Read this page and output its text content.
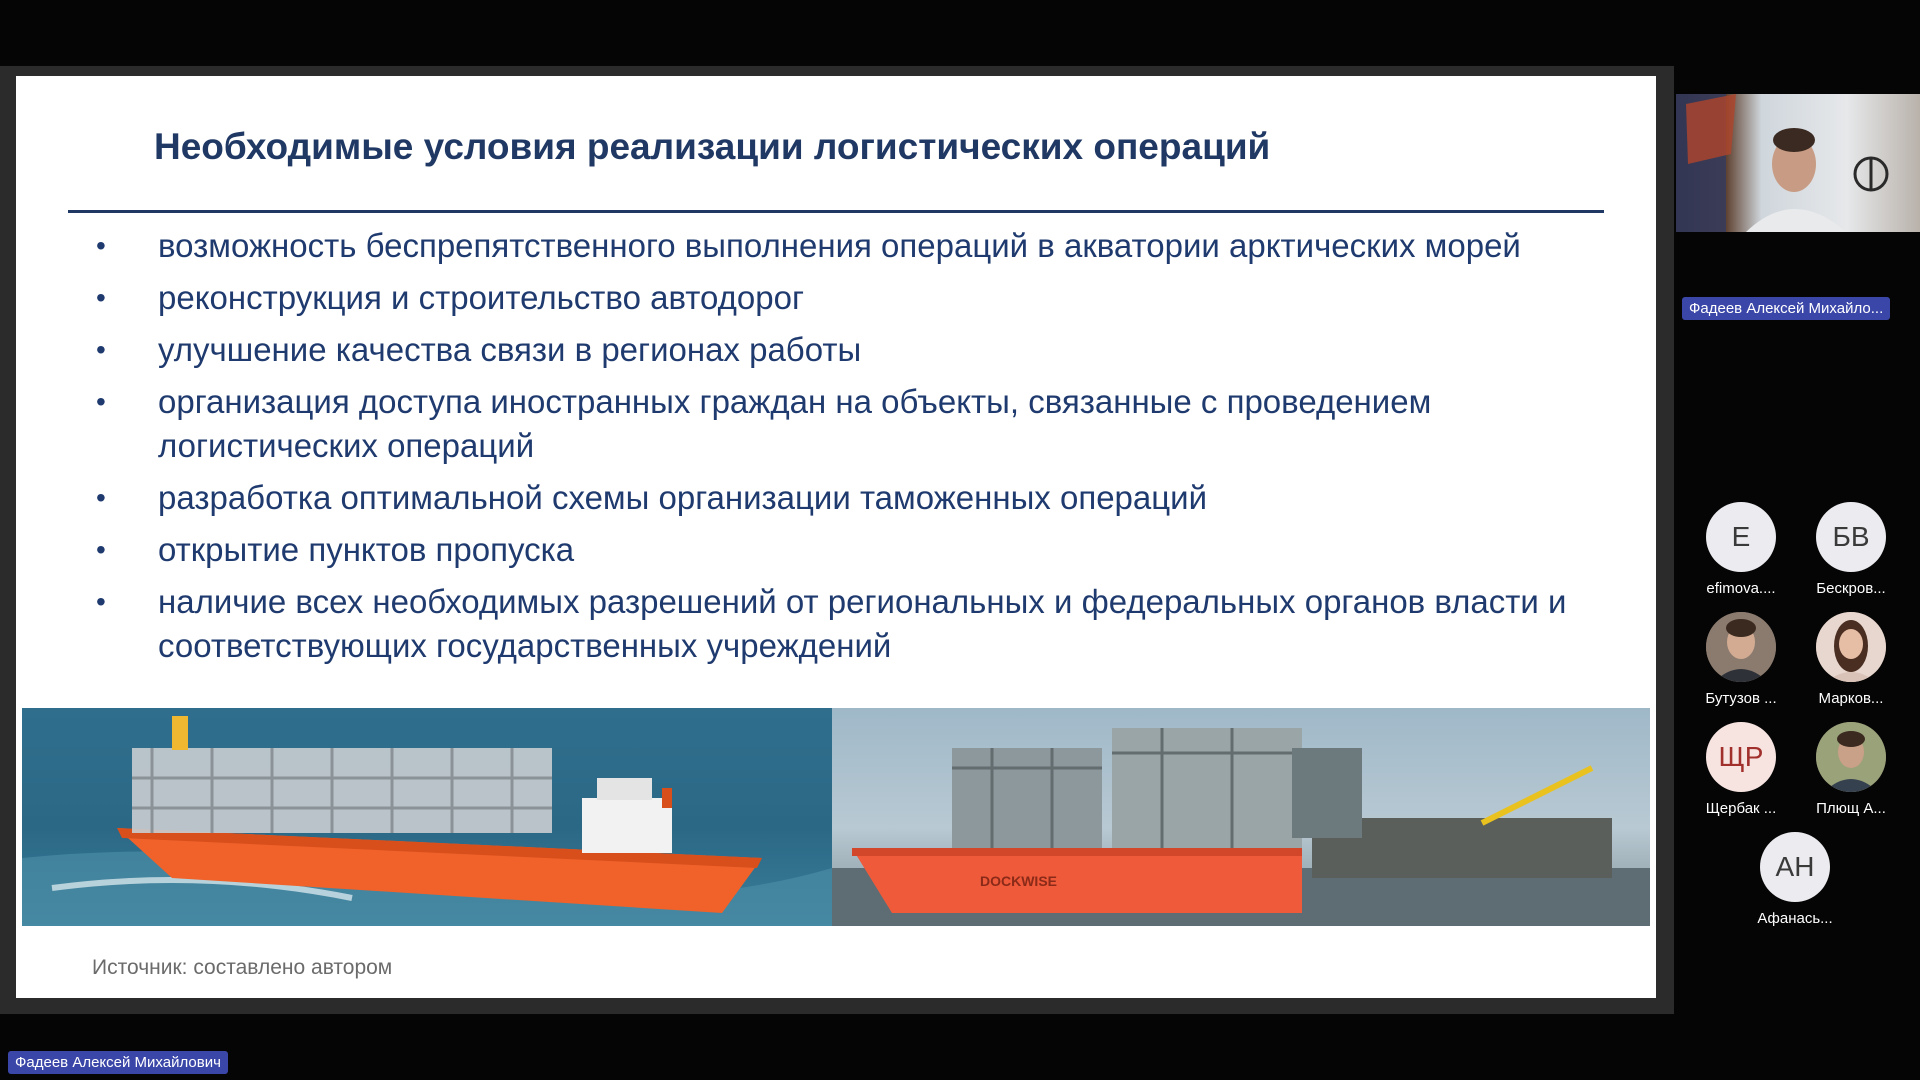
Необходимые условия реализации логистических операций
• возможность беспрепятственного выполнения операций в акватории арктических морей
• реконструкция и строительство автодорог
• улучшение качества связи в регионах работы
• организация доступа иностранных граждан на объекты, связанные с проведением логистических операций
• разработка оптимальной схемы организации таможенных операций
• открытие пунктов пропуска
• наличие всех необходимых разрешений от региональных и федеральных органов власти и соответствующих государственных учреждений
DOCKWISE
Источник: составлено автором
Фадеев Алексей Михайло...
E
efimova....
БВ
Бескров...
Бутузов ...	Марков...
ЩР
Щербак ...	Плющ А...
АН
Афанась...
Фадеев Алексей Михайлович
